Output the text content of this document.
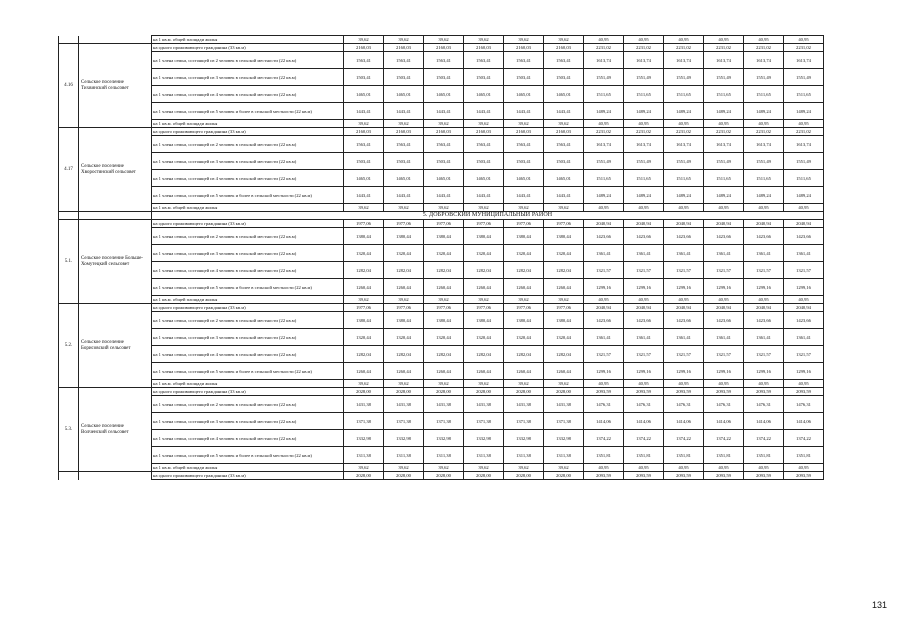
		на 1 кв.м. общей площади жилья	39,62	39,62	39,62	39,62	39,62	39,62	40,95	40,95	40,95	40,95	40,95	40,95
4.16	Сельское поселение Тихвинский сельсовет	на одного проживающего гражданина (33 кв.м)	2160,03	2160,03	2160,03	2160,03	2160,03	2160,03	2231,02	2231,02	2231,02	2231,02	2231,02	2231,02
		на 1 члена семьи, состоящей из 2 человек в сельской местности (22 кв.м)	1563,41	1563,41	1563,41	1563,41	1563,41	1563,41	1613,74	1613,74	1613,74	1613,74	1613,74	1613,74
		на 1 члена семьи, состоящей из 3 человек в сельской местности (22 кв.м)	1503,41	1503,41	1503,41	1503,41	1503,41	1503,41	1551,49	1551,49	1551,49	1551,49	1551,49	1551,49
		на 1 члена семьи, состоящей из 4 человек в сельской местности (22 кв.м)	1465,01	1465,01	1465,01	1465,01	1465,01	1465,01	1511,65	1511,65	1511,65	1511,65	1511,65	1511,65
		на 1 члена семьи, состоящей из 5 человек и более в сельской местности (22 кв.м)	1443,41	1443,41	1443,41	1443,41	1443,41	1443,41	1489,24	1489,24	1489,24	1489,24	1489,24	1489,24
		на 1 кв.м. общей площади жилья	39,62	39,62	39,62	39,62	39,62	39,62	40,95	40,95	40,95	40,95	40,95	40,95
4.17	Сельское поселение Хворостянский сельсовет	на одного проживающего гражданина (33 кв.м)	2160,03	2160,03	2160,03	2160,03	2160,03	2160,03	2231,02	2231,02	2231,02	2231,02	2231,02	2231,02
		на 1 члена семьи, состоящей из 2 человек в сельской местности (22 кв.м)	1563,41	1563,41	1563,41	1563,41	1563,41	1563,41	1613,74	1613,74	1613,74	1613,74	1613,74	1613,74
		на 1 члена семьи, состоящей из 3 человек в сельской местности (22 кв.м)	1503,41	1503,41	1503,41	1503,41	1503,41	1503,41	1551,49	1551,49	1551,49	1551,49	1551,49	1551,49
		на 1 члена семьи, состоящей из 4 человек в сельской местности (22 кв.м)	1465,01	1465,01	1465,01	1465,01	1465,01	1465,01	1511,65	1511,65	1511,65	1511,65	1511,65	1511,65
		на 1 члена семьи, состоящей из 5 человек и более в сельской местности (22 кв.м)	1443,41	1443,41	1443,41	1443,41	1443,41	1443,41	1489,24	1489,24	1489,24	1489,24	1489,24	1489,24
		на 1 кв.м. общей площади жилья	39,62	39,62	39,62	39,62	39,62	39,62	40,95	40,95	40,95	40,95	40,95	40,95
		5. ДОБРОВСКИЙ МУНИЦИПАЛЬНЫЙ РАЙОН												
5.1.	Сельское поселение Больше-Хомутецкий сельсовет	на одного проживающего гражданина (33 кв.м)	1977,06	1977,06	1977,06	1977,06	1977,06	1977,06	2040,94	2040,94	2040,94	2040,94	2040,94	2040,94
		на 1 члена семьи, состоящей из 2 человек в сельской местности (22 кв.м)	1380,44	1380,44	1380,44	1380,44	1380,44	1380,44	1423,66	1423,66	1423,66	1423,66	1423,66	1423,66
		на 1 члена семьи, состоящей из 3 человек в сельской местности (22 кв.м)	1320,44	1320,44	1320,44	1320,44	1320,44	1320,44	1361,41	1361,41	1361,41	1361,41	1361,41	1361,41
		на 1 члена семьи, состоящей из 4 человек в сельской местности (22 кв.м)	1282,04	1282,04	1282,04	1282,04	1282,04	1282,04	1321,57	1321,57	1321,57	1321,57	1321,57	1321,57
		на 1 члена семьи, состоящей из 5 человек и более в сельской местности (22 кв.м)	1260,44	1260,44	1260,44	1260,44	1260,44	1260,44	1299,16	1299,16	1299,16	1299,16	1299,16	1299,16
		на 1 кв.м. общей площади жилья	39,62	39,62	39,62	39,62	39,62	39,62	40,95	40,95	40,95	40,95	40,95	40,95
5.2.	Сельское поселение Борисовский сельсовет	на одного проживающего гражданина (33 кв.м)	1977,06	1977,06	1977,06	1977,06	1977,06	1977,06	2040,94	2040,94	2040,94	2040,94	2040,94	2040,94
		на 1 члена семьи, состоящей из 2 человек в сельской местности (22 кв.м)	1380,44	1380,44	1380,44	1380,44	1380,44	1380,44	1423,66	1423,66	1423,66	1423,66	1423,66	1423,66
		на 1 члена семьи, состоящей из 3 человек в сельской местности (22 кв.м)	1320,44	1320,44	1320,44	1320,44	1320,44	1320,44	1361,41	1361,41	1361,41	1361,41	1361,41	1361,41
		на 1 члена семьи, состоящей из 4 человек в сельской местности (22 кв.м)	1282,04	1282,04	1282,04	1282,04	1282,04	1282,04	1321,57	1321,57	1321,57	1321,57	1321,57	1321,57
		на 1 члена семьи, состоящей из 5 человек и более в сельской местности (22 кв.м)	1260,44	1260,44	1260,44	1260,44	1260,44	1260,44	1299,16	1299,16	1299,16	1299,16	1299,16	1299,16
		на 1 кв.м. общей площади жилья	39,62	39,62	39,62	39,62	39,62	39,62	40,95	40,95	40,95	40,95	40,95	40,95
5.3.	Сельское поселение Волченский сельсовет	на одного проживающего гражданина (33 кв.м)	2028,00	2028,00	2028,00	2028,00	2028,00	2028,00	2093,59	2093,59	2093,59	2093,59	2093,59	2093,59
		на 1 члена семьи, состоящей из 2 человек в сельской местности (22 кв.м)	1431,38	1431,38	1431,38	1431,38	1431,38	1431,38	1476,31	1476,31	1476,31	1476,31	1476,31	1476,31
		на 1 члена семьи, состоящей из 3 человек в сельской местности (22 кв.м)	1371,38	1371,38	1371,38	1371,38	1371,38	1371,38	1414,06	1414,06	1414,06	1414,06	1414,06	1414,06
		на 1 члена семьи, состоящей из 4 человек в сельской местности (22 кв.м)	1332,98	1332,98	1332,98	1332,98	1332,98	1332,98	1374,22	1374,22	1374,22	1374,22	1374,22	1374,22
		на 1 члена семьи, состоящей из 5 человек и более в сельской местности (22 кв.м)	1311,38	1311,38	1311,38	1311,38	1311,38	1311,38	1351,81	1351,81	1351,81	1351,81	1351,81	1351,81
		на 1 кв.м. общей площади жилья	39,62	39,62	39,62	39,62	39,62	39,62	40,95	40,95	40,95	40,95	40,95	40,95
		на одного проживающего гражданина (33 кв.м)	2028,00	2028,00	2028,00	2028,00	2028,00	2028,00	2093,59	2093,59	2093,59	2093,59	2093,59	2093,59
131
